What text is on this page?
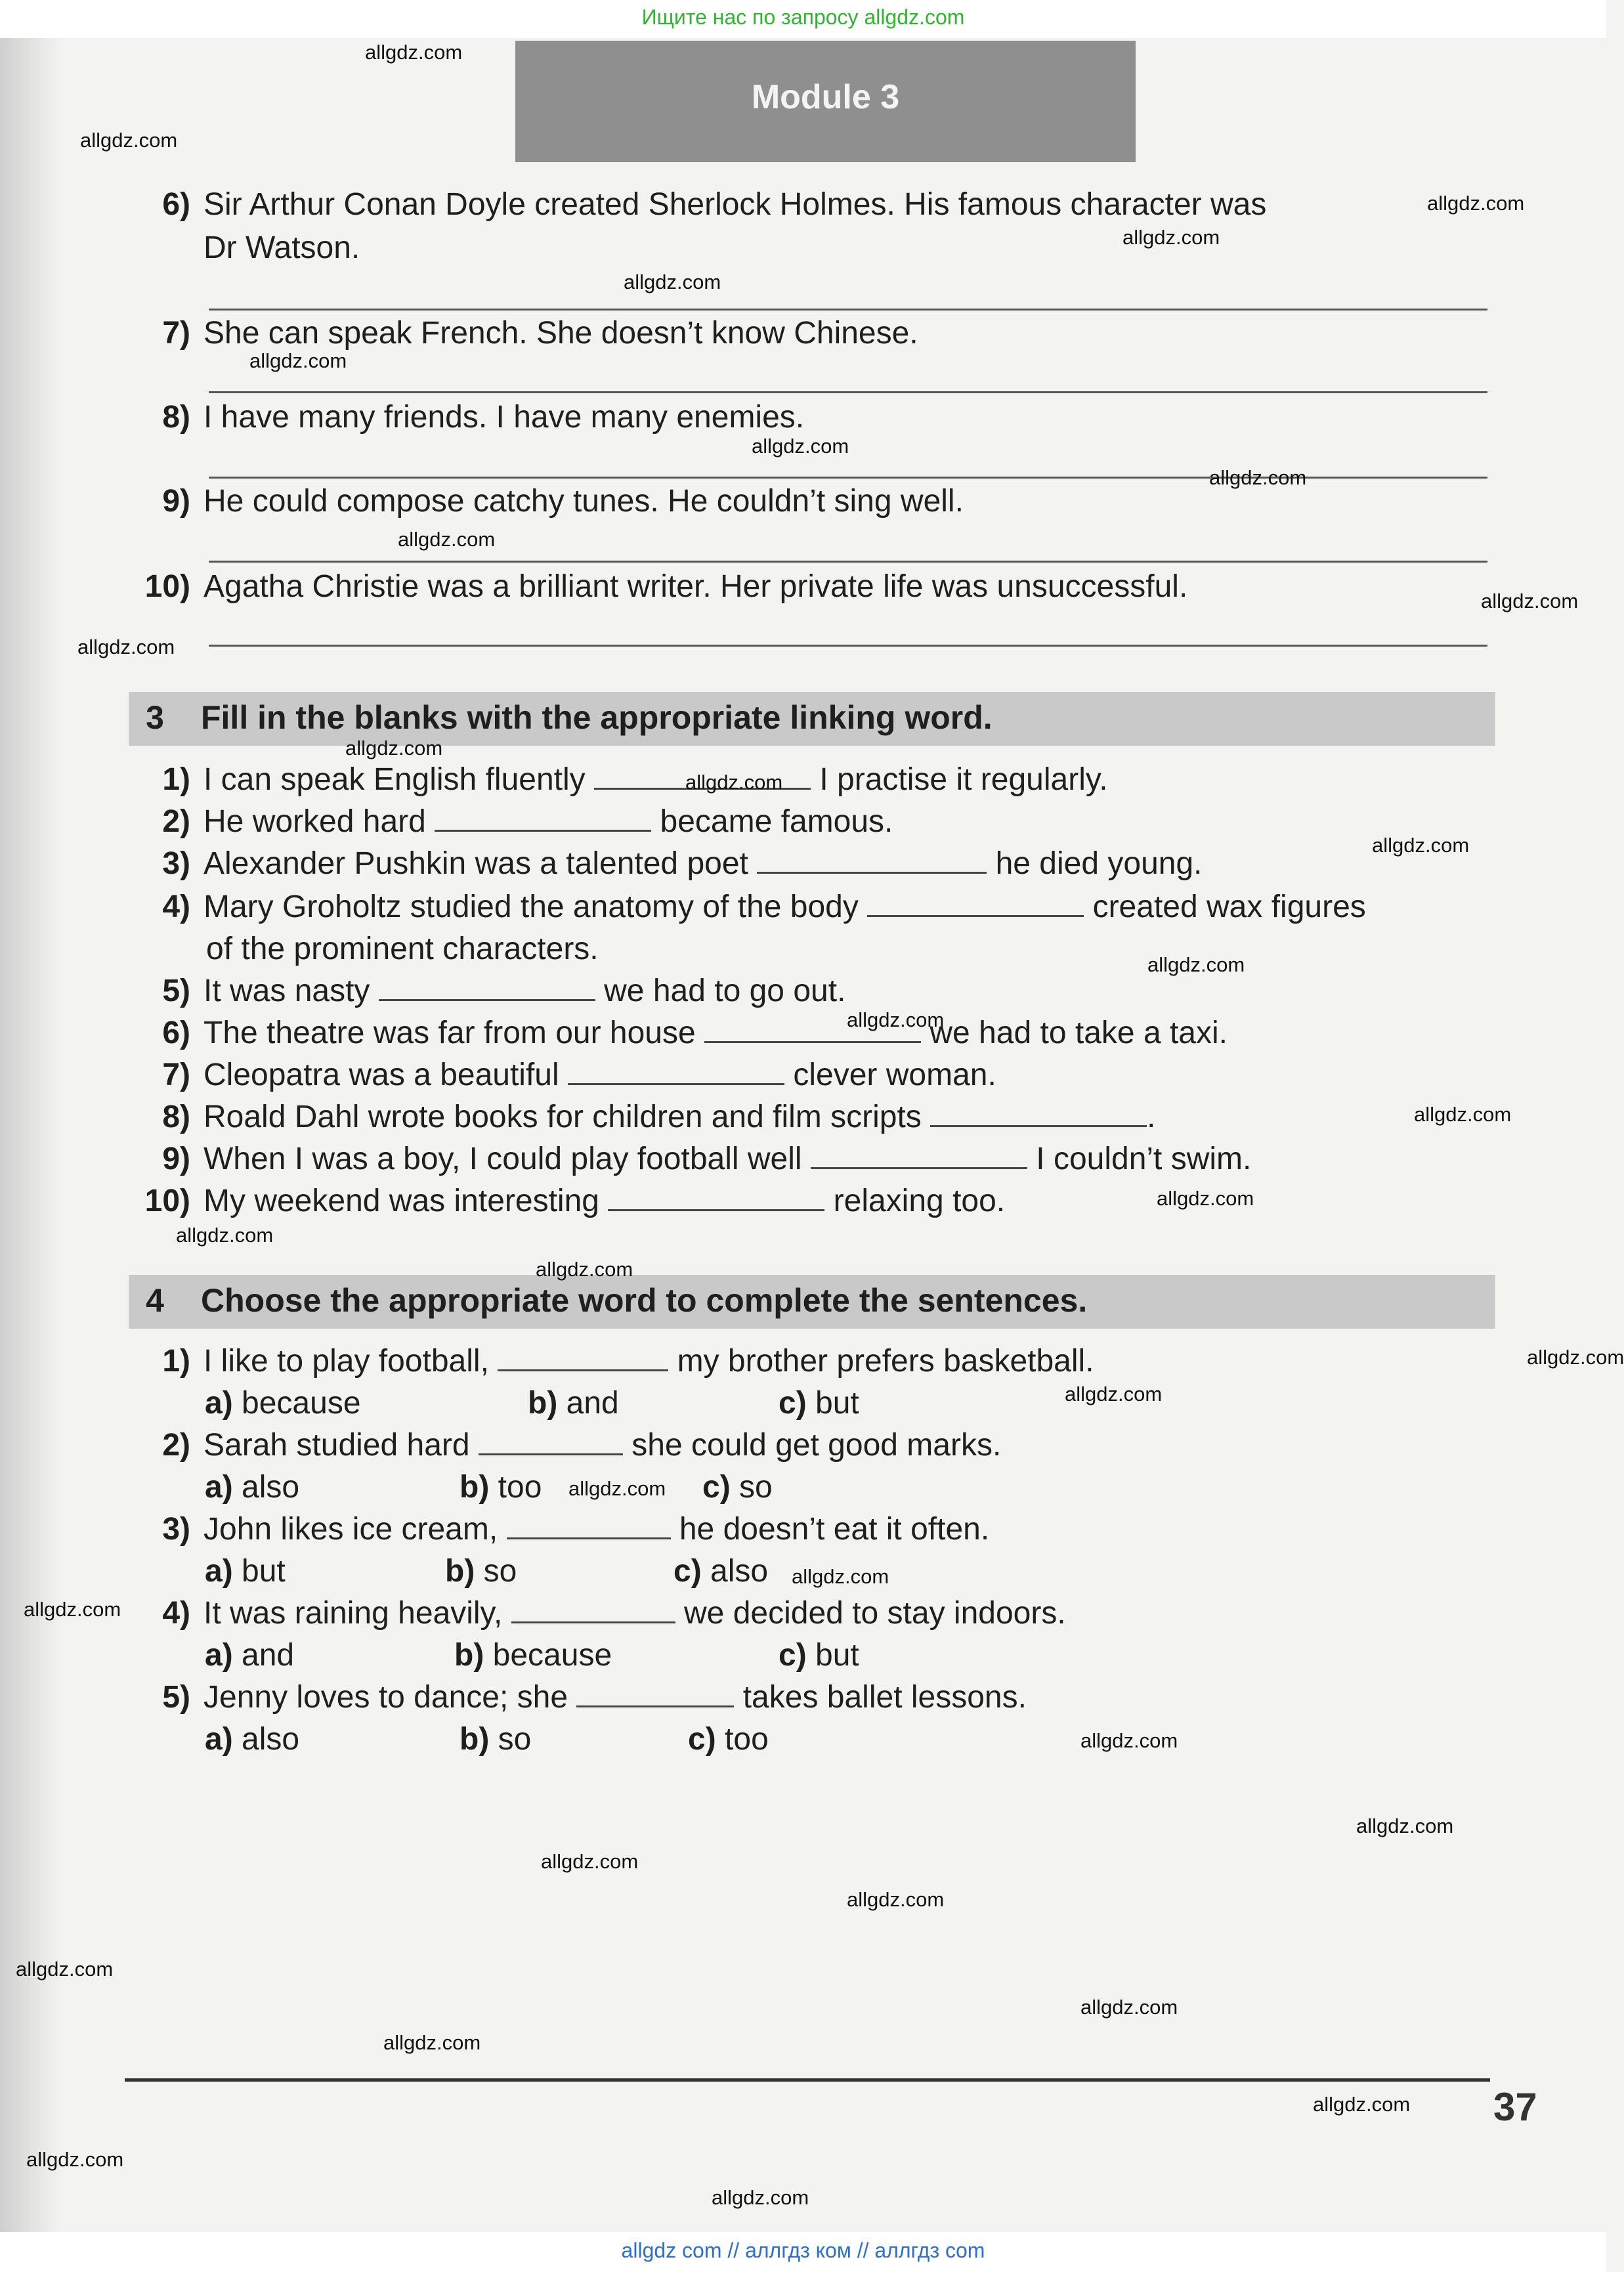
Ищите нас по запросу allgdz.com
Module 3
6) Sir Arthur Conan Doyle created Sherlock Holmes. His famous character was
Dr Watson.
7) She can speak French. She doesn’t know Chinese.
8) I have many friends. I have many enemies.
9) He could compose catchy tunes. He couldn’t sing well.
10) Agatha Christie was a brilliant writer. Her private life was unsuccessful.
3 Fill in the blanks with the appropriate linking word.
1) I can speak English fluently	I practise it regularly.
2) He worked hard	became famous.
3) Alexander Pushkin was a talented poet	he died young.
4) Mary Groholtz studied the anatomy of the body	created wax figures
of the prominent characters.
5) It was nasty	we had to go out.
6) The theatre was far from our house	we had to take a taxi.
7) Cleopatra was a beautiful	clever woman.
8) Roald Dahl wrote books for children and film scripts	.
9) When I was a boy, I could play football well	I couldn’t swim.
10) My weekend was interesting	relaxing too.
4 Choose the appropriate word to complete the sentences.
1) I like to play football,	my brother prefers basketball.
a) because	b) and	c) but
2) Sarah studied hard	she could get good marks.
a) also	b) too	c) so
3) John likes ice cream,	he doesn’t eat it often.
a) but	b) so	c) also
4) It was raining heavily,	we decided to stay indoors.
a) and	b) because	c) but
5) Jenny loves to dance; she	takes ballet lessons.
a) also	b) so	c) too
37
allgdz.com
allgdz.com
allgdz.com
allgdz.com
allgdz.com
allgdz.com
allgdz.com
allgdz.com
allgdz.com
allgdz.com
allgdz.com
allgdz.com
allgdz.com
allgdz.com
allgdz.com
allgdz.com
allgdz.com
allgdz.com
allgdz.com
allgdz.com
allgdz.com
allgdz.com
allgdz.com
allgdz.com
allgdz.com
allgdz.com
allgdz.com
allgdz.com
allgdz.com
allgdz.com
allgdz.com
allgdz.com
allgdz.com
allgdz.com
allgdz.com
allgdz com // аллгдз ком // аллгдз com
